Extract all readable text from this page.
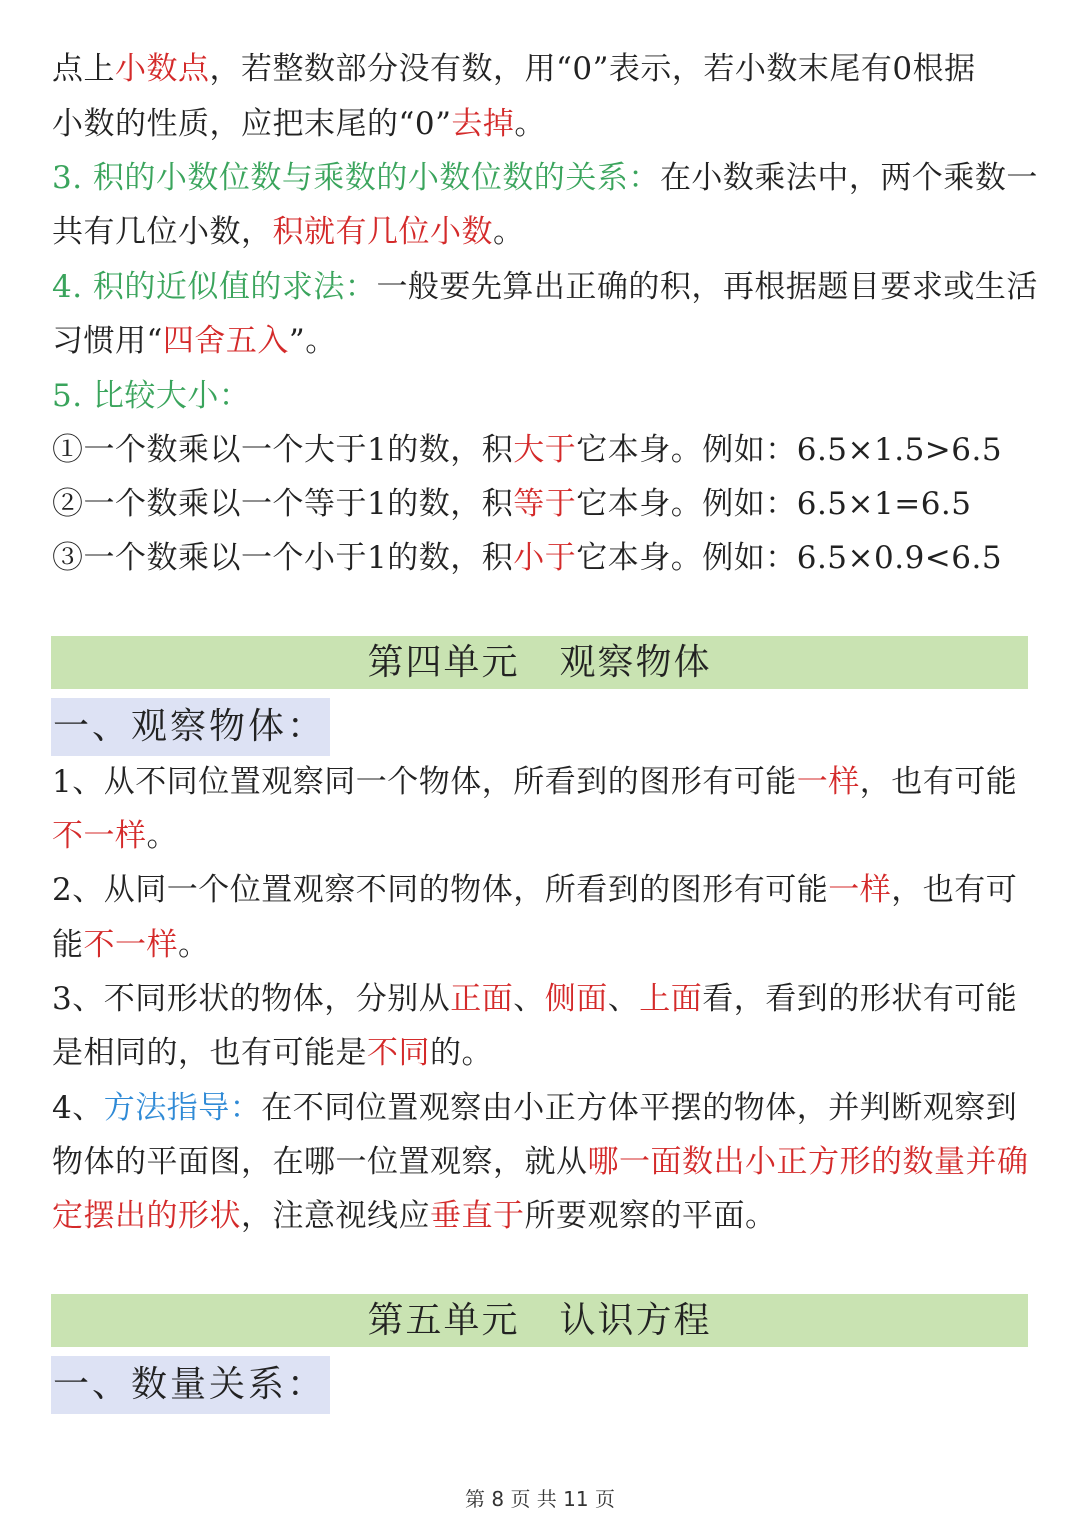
点上小数点，若整数部分没有数，用“0”表示，若小数末尾有0根据
小数的性质，应把末尾的“0”去掉。
3. 积的小数位数与乘数的小数位数的关系：在小数乘法中，两个乘数一
共有几位小数，积就有几位小数。
4. 积的近似值的求法：一般要先算出正确的积，再根据题目要求或生活
习惯用“四舍五入”。
5. 比较大小：
①一个数乘以一个大于1的数，积大于它本身。例如：6.5×1.5>6.5
②一个数乘以一个等于1的数，积等于它本身。例如：6.5×1=6.5
③一个数乘以一个小于1的数，积小于它本身。例如：6.5×0.9<6.5
第四单元 观察物体
一、观察物体：
1、从不同位置观察同一个物体，所看到的图形有可能一样，也有可能
不一样。
2、从同一个位置观察不同的物体，所看到的图形有可能一样，也有可
能不一样。
3、不同形状的物体，分别从正面、侧面、上面看，看到的形状有可能
是相同的，也有可能是不同的。
4、方法指导：在不同位置观察由小正方体平摆的物体，并判断观察到
物体的平面图，在哪一位置观察，就从哪一面数出小正方形的数量并确
定摆出的形状，注意视线应垂直于所要观察的平面。
第五单元 认识方程
一、数量关系：
第 8 页 共 11 页
